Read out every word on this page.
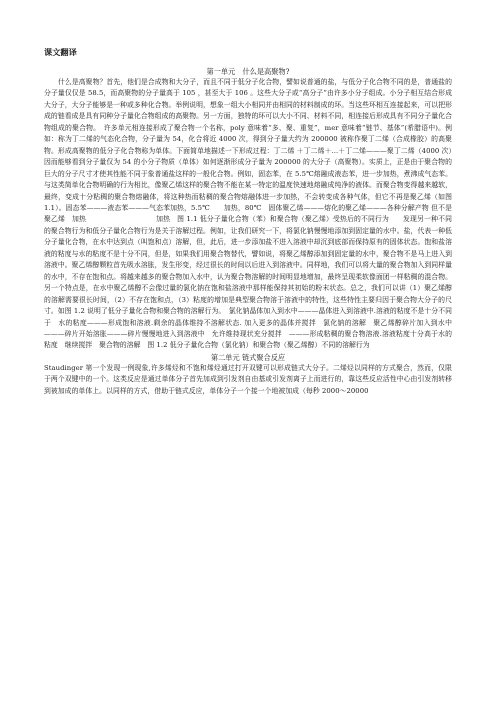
课文翻译
第一单元　什么是高聚物?

什么是高聚物？首先，他们是合成物和大分子，而且不同于低分子化合物，譬如说普通的盐，与低分子化合物不同的是，普通盐的分子量仅仅是 58.5，而高聚物的分子量高于 105 ，甚至大于 106 。这些大分子或“高分子”由许多小分子组成。小分子相互结合形成大分子，大分子能够是一种或多种化合物。举例说明，想象一组大小相同并由相同的材料制成的环。当这些环相互连接起来，可以把形成的链看成是具有同种分子量化合物组成的高聚物。另一方面，独特的环可以大小不同、材料不同，相连接后形成具有不同分子量化合物组成的聚合物。　许多单元相连接形成了聚合物一个名称，poly 意味着“多、聚、重复”，mer 意味着“链节、基体”(希腊语中)。例如：称为丁二烯的气态化合物，分子量为 54，化合将近 4000 次，得到分子量大约为 200000 被称作聚丁二烯（合成橡胶）的高聚物。形成高聚物的低分子化合物称为单体。下面简单地描述一下形成过程：丁二烯 ＋丁二烯＋...＋丁二烯———聚丁二烯（4000 次）　　因而能够看到分子量仅为 54 的小分子物质（单体）如何逐渐形成分子量为 200000 的大分子（高聚物）。实质上，正是由于聚合物的巨大的分子尺寸才使其性能不同于象普通盐这样的一般化合物。例如，固态苯，在 5.5℃熔融成液态苯，进一步加热，煮沸成气态苯。与这类简单化合物明确的行为相比，像聚乙烯这样的聚合物不能在某一特定的温度快速地熔融成纯净的液体。而聚合物变得越来越软，最终，变成十分粘稠的聚合物熔融体，将这种热而粘稠的聚合物熔融体进一步加热，不会转变成各种气体，但它不再是聚乙烯（如图 1.1）。固态苯———液态苯———气态苯加热，5.5℃　　加热，80℃　固体聚乙烯———熔化的聚乙烯———各种分解产物 但不是聚乙烯　加热　　　　　　　　　　加热　图 1.1 低分子量化合物（苯）和聚合物（聚乙烯）受热后的不同行为　　发现另一种不同的聚合物行为和低分子量化合物行为是关于溶解过程。例如，让我们研究一下，将氯化钠慢慢地添加到固定量的水中。盐，代表一种低分子量化合物，在水中达到点（叫饱和点）溶解，但，此后，进一步添加盐不进入溶液中却沉到底部而保持原有的固体状态。饱和盐溶液的粘度与水的粘度不是十分不同，但是，如果我们用聚合物替代，譬如说，将聚乙烯醇添加到固定量的水中，聚合物不是马上进入到溶液中。聚乙烯醇颗粒首先吸水溶胀，发生形变，经过很长的时间以后进入到溶液中。同样地，我们可以将大量的聚合物加入到同样量的水中，不存在饱和点。将越来越多的聚合物加入水中，认为聚合物溶解的时间明显地增加，最终呈现柔软像面团一样粘稠的混合物。另一个特点是，在水中聚乙烯醇不会像过量的氯化钠在饱和盐溶液中那样能保持其初始的粉末状态。总之，我们可以讲（1）聚乙烯醇的溶解需要很长时间，（2）不存在饱和点，（3）粘度的增加是典型聚合物溶于溶液中的特性，这些特性主要归因于聚合物大分子的尺寸。如图 1.2 说明了低分子量化合物和聚合物的溶解行为。　氯化钠晶体加入到水中———晶体进入到溶液中.溶液的粘度不是十分不同于　水的粘度———形成饱和溶液.剩余的晶体维持不溶解状态. 加入更多的晶体并搅拌　氯化钠的溶解　聚乙烯醇碎片加入到水中———碎片开始溶胀———碎片慢慢地进入到溶液中　允许维持现状充分搅拌　———形成粘稠的聚合物溶液.溶液粘度十分高于水的粘度　继续搅拌　聚合物的溶解　图 1.2 低分子量化合物（氯化钠）和聚合物（聚乙烯醇）不同的溶解行为

第二单元 链式聚合反应

Staudinger 第一个发现一例现象,许多烯烃和不饱和烯烃通过打开双键可以形成链式大分子。二烯烃以同样的方式聚合，然而，仅限于两个双键中的一个。这类反应是通过单体分子首先加成到引发剂自由基或引发剂离子上而进行的，靠这些反应活性中心由引发剂转移到被加成的单体上。以同样的方式，借助于链式反应，单体分子一个接一个地被加成（每秒 2000～20000
